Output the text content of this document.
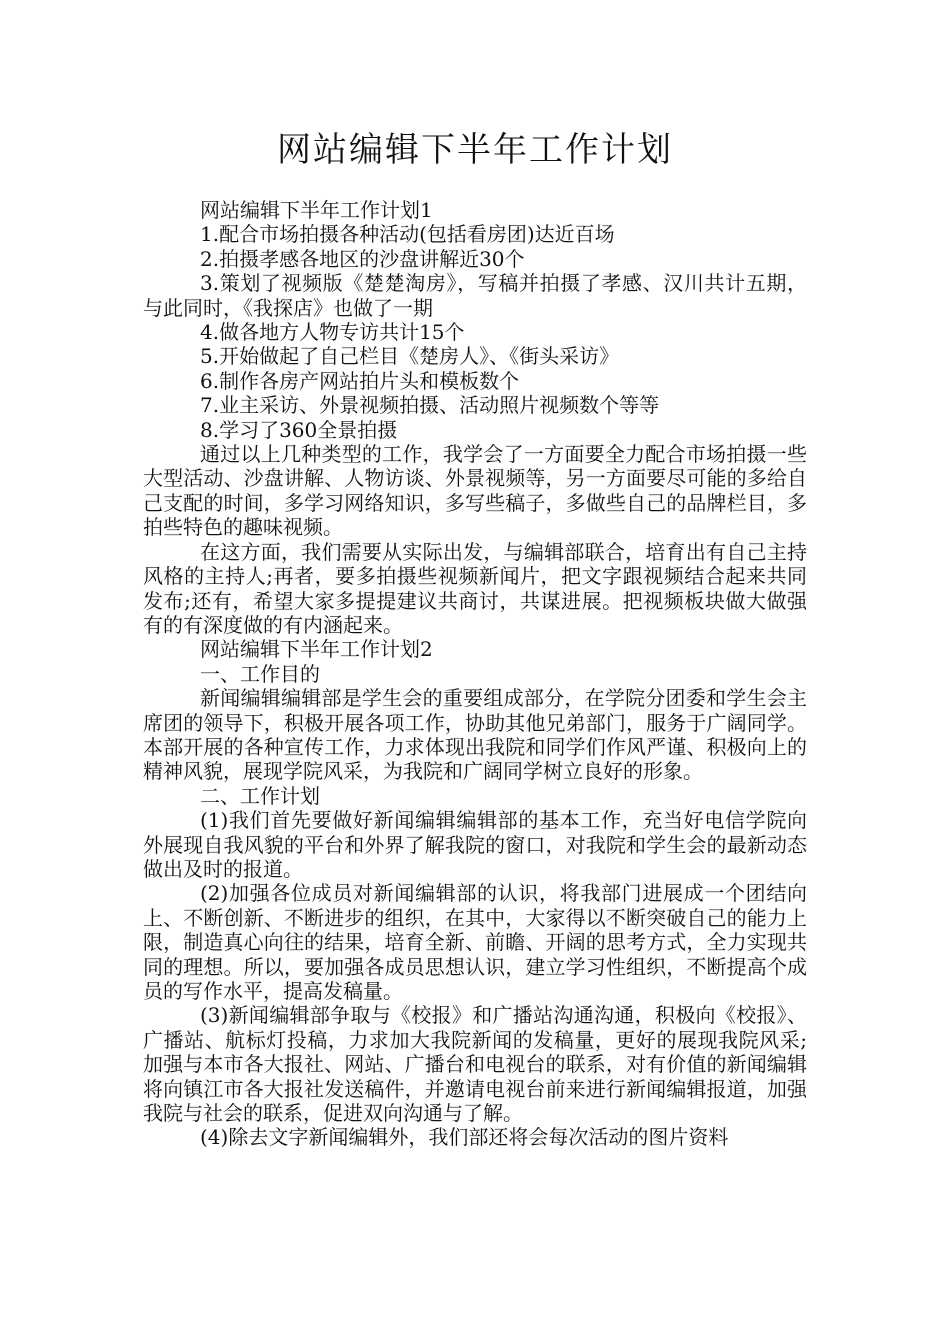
网站编辑下半年工作计划

网站编辑下半年工作计划1

1.配合市场拍摄各种活动(包括看房团)达近百场

2.拍摄孝感各地区的沙盘讲解近30个

3.策划了视频版《楚楚淘房》，写稿并拍摄了孝感、汉川共计五期，与此同时，《我探店》也做了一期

4.做各地方人物专访共计15个

5.开始做起了自己栏目《楚房人》、《街头采访》

6.制作各房产网站拍片头和模板数个

7.业主采访、外景视频拍摄、活动照片视频数个等等

8.学习了360全景拍摄

通过以上几种类型的工作，我学会了一方面要全力配合市场拍摄一些大型活动、沙盘讲解、人物访谈、外景视频等，另一方面要尽可能的多给自己支配的时间，多学习网络知识，多写些稿子，多做些自己的品牌栏目，多拍些特色的趣味视频。

在这方面，我们需要从实际出发，与编辑部联合，培育出有自己主持风格的主持人;再者，要多拍摄些视频新闻片，把文字跟视频结合起来共同发布;还有，希望大家多提提建议共商讨，共谋进展。把视频板块做大做强有的有深度做的有内涵起来。

网站编辑下半年工作计划2

一、工作目的

新闻编辑编辑部是学生会的重要组成部分，在学院分团委和学生会主席团的领导下，积极开展各项工作，协助其他兄弟部门，服务于广阔同学。本部开展的各种宣传工作，力求体现出我院和同学们作风严谨、积极向上的精神风貌，展现学院风采，为我院和广阔同学树立良好的形象。

二、工作计划

(1)我们首先要做好新闻编辑编辑部的基本工作，充当好电信学院向外展现自我风貌的平台和外界了解我院的窗口，对我院和学生会的最新动态做出及时的报道。

(2)加强各位成员对新闻编辑部的认识，将我部门进展成一个团结向上、不断创新、不断进步的组织，在其中，大家得以不断突破自己的能力上限，制造真心向往的结果，培育全新、前瞻、开阔的思考方式，全力实现共同的理想。所以，要加强各成员思想认识，建立学习性组织，不断提高个成员的写作水平，提高发稿量。

(3)新闻编辑部争取与《校报》和广播站沟通沟通，积极向《校报》、广播站、航标灯投稿，力求加大我院新闻的发稿量，更好的展现我院风采;加强与本市各大报社、网站、广播台和电视台的联系，对有价值的新闻编辑将向镇江市各大报社发送稿件，并邀请电视台前来进行新闻编辑报道，加强我院与社会的联系，促进双向沟通与了解。

(4)除去文字新闻编辑外，我们部还将会每次活动的图片资料
